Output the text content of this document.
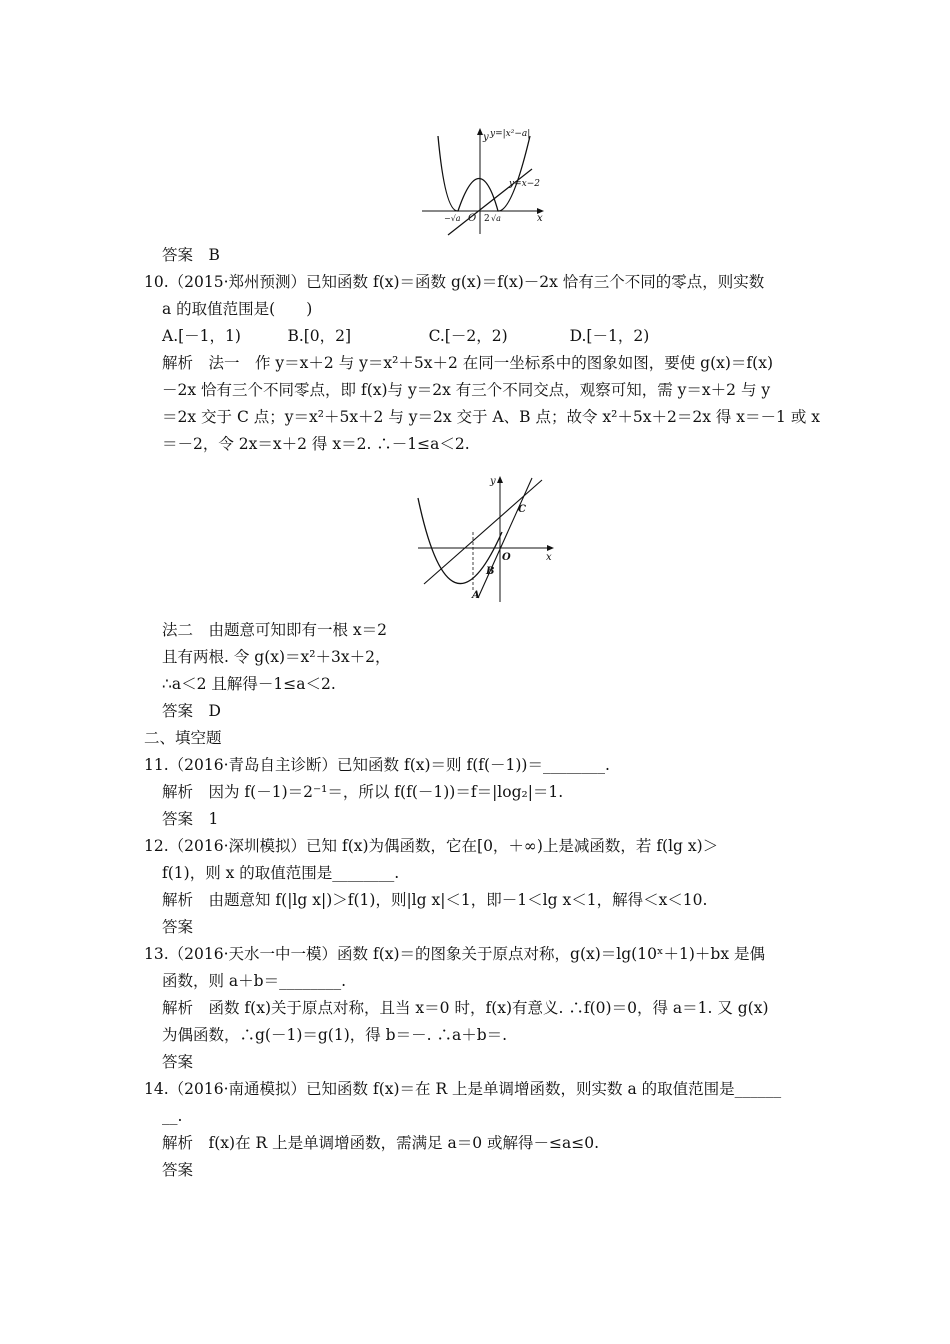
y=|x²−a|
y=x−2
x
y
O
−√a	2 √a
x
y
O
A
B
C
答案　B
10.（2015·郑州预测）已知函数 f(x)＝函数 g(x)＝f(x)－2x 恰有三个不同的零点，则实数
a 的取值范围是(　　)
A.[－1，1)　　　B.[0，2]　　　　　C.[－2，2)　　　　D.[－1，2)
解析　法一　作 y＝x＋2 与 y＝x²＋5x＋2 在同一坐标系中的图象如图，要使 g(x)＝f(x)
－2x 恰有三个不同零点，即 f(x)与 y＝2x 有三个不同交点，观察可知，需 y＝x＋2 与 y
＝2x 交于 C 点；y＝x²＋5x＋2 与 y＝2x 交于 A、B 点；故令 x²＋5x＋2＝2x 得 x＝－1 或 x
＝－2，令 2x＝x＋2 得 x＝2. ∴－1≤a＜2.
法二　由题意可知即有一根 x＝2
且有两根. 令 g(x)＝x²＋3x＋2，
∴a＜2 且解得－1≤a＜2.
答案　D
二、填空题
11.（2016·青岛自主诊断）已知函数 f(x)＝则 f(f(－1))＝________.
解析　因为 f(－1)＝2⁻¹＝，所以 f(f(－1))＝f＝|log₂|＝1.
答案　1
12.（2016·深圳模拟）已知 f(x)为偶函数，它在[0，＋∞)上是减函数，若 f(lg x)＞
f(1)，则 x 的取值范围是________.
解析　由题意知 f(|lg x|)＞f(1)，则|lg x|＜1，即－1＜lg x＜1，解得＜x＜10.
答案
13.（2016·天水一中一模）函数 f(x)＝的图象关于原点对称，g(x)＝lg(10ˣ＋1)＋bx 是偶
函数，则 a＋b＝________.
解析　函数 f(x)关于原点对称，且当 x＝0 时，f(x)有意义. ∴f(0)＝0，得 a＝1. 又 g(x)
为偶函数，∴g(－1)＝g(1)，得 b＝－. ∴a＋b＝.
答案
14.（2016·南通模拟）已知函数 f(x)＝在 R 上是单调增函数，则实数 a 的取值范围是______
__.
解析　f(x)在 R 上是单调增函数，需满足 a＝0 或解得－≤a≤0.
答案
